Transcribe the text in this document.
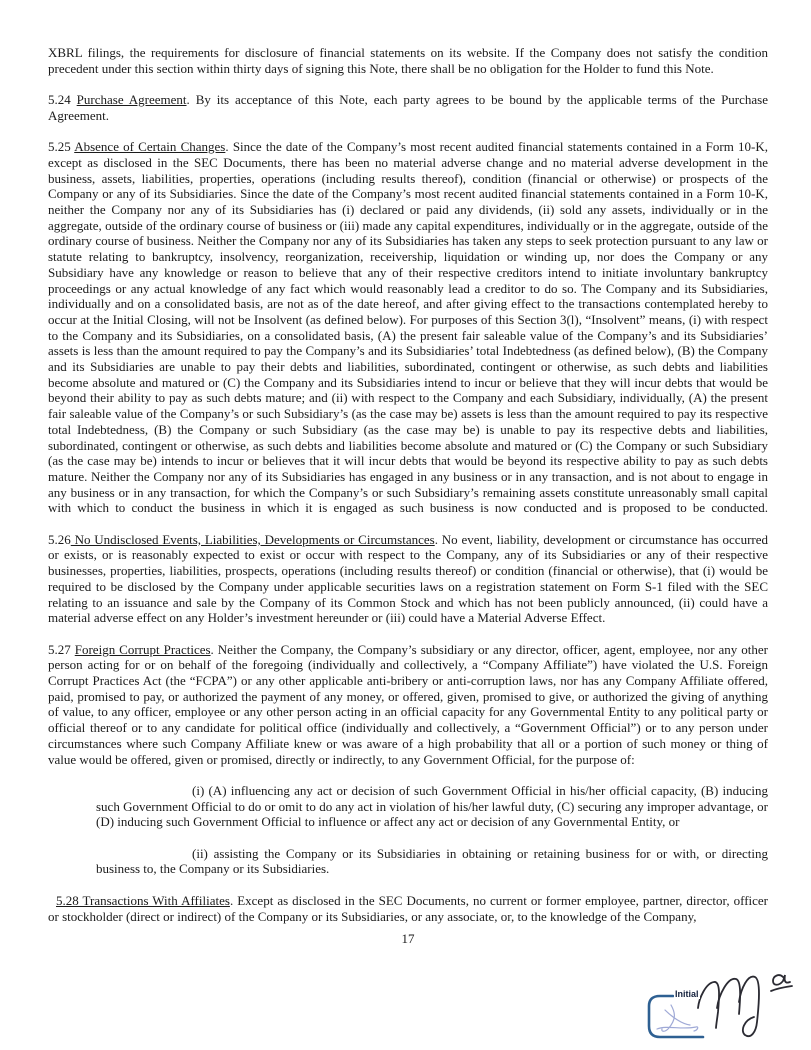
XBRL filings, the requirements for disclosure of financial statements on its website. If the Company does not satisfy the condition precedent under this section within thirty days of signing this Note, there shall be no obligation for the Holder to fund this Note.

5.24 Purchase Agreement. By its acceptance of this Note, each party agrees to be bound by the applicable terms of the Purchase Agreement.

5.25 Absence of Certain Changes. Since the date of the Company’s most recent audited financial statements contained in a Form 10-K, except as disclosed in the SEC Documents, there has been no material adverse change and no material adverse development in the business, assets, liabilities, properties, operations (including results thereof), condition (financial or otherwise) or prospects of the Company or any of its Subsidiaries. Since the date of the Company’s most recent audited financial statements contained in a Form 10-K, neither the Company nor any of its Subsidiaries has (i) declared or paid any dividends, (ii) sold any assets, individually or in the aggregate, outside of the ordinary course of business or (iii) made any capital expenditures, individually or in the aggregate, outside of the ordinary course of business. Neither the Company nor any of its Subsidiaries has taken any steps to seek protection pursuant to any law or statute relating to bankruptcy, insolvency, reorganization, receivership, liquidation or winding up, nor does the Company or any Subsidiary have any knowledge or reason to believe that any of their respective creditors intend to initiate involuntary bankruptcy proceedings or any actual knowledge of any fact which would reasonably lead a creditor to do so. The Company and its Subsidiaries, individually and on a consolidated basis, are not as of the date hereof, and after giving effect to the transactions contemplated hereby to occur at the Initial Closing, will not be Insolvent (as defined below). For purposes of this Section 3(l), “Insolvent” means, (i) with respect to the Company and its Subsidiaries, on a consolidated basis, (A) the present fair saleable value of the Company’s and its Subsidiaries’ assets is less than the amount required to pay the Company’s and its Subsidiaries’ total Indebtedness (as defined below), (B) the Company and its Subsidiaries are unable to pay their debts and liabilities, subordinated, contingent or otherwise, as such debts and liabilities become absolute and matured or (C) the Company and its Subsidiaries intend to incur or believe that they will incur debts that would be beyond their ability to pay as such debts mature; and (ii) with respect to the Company and each Subsidiary, individually, (A) the present fair saleable value of the Company’s or such Subsidiary’s (as the case may be) assets is less than the amount required to pay its respective total Indebtedness, (B) the Company or such Subsidiary (as the case may be) is unable to pay its respective debts and liabilities, subordinated, contingent or otherwise, as such debts and liabilities become absolute and matured or (C) the Company or such Subsidiary (as the case may be) intends to incur or believes that it will incur debts that would be beyond its respective ability to pay as such debts mature. Neither the Company nor any of its Subsidiaries has engaged in any business or in any transaction, and is not about to engage in any business or in any transaction, for which the Company’s or such Subsidiary’s remaining assets constitute unreasonably small capital with which to conduct the business in which it is engaged as such business is now conducted and is proposed to be conducted.

5.26 No Undisclosed Events, Liabilities, Developments or Circumstances. No event, liability, development or circumstance has occurred or exists, or is reasonably expected to exist or occur with respect to the Company, any of its Subsidiaries or any of their respective businesses, properties, liabilities, prospects, operations (including results thereof) or condition (financial or otherwise), that (i) would be required to be disclosed by the Company under applicable securities laws on a registration statement on Form S-1 filed with the SEC relating to an issuance and sale by the Company of its Common Stock and which has not been publicly announced, (ii) could have a material adverse effect on any Holder’s investment hereunder or (iii) could have a Material Adverse Effect.

5.27 Foreign Corrupt Practices. Neither the Company, the Company’s subsidiary or any director, officer, agent, employee, nor any other person acting for or on behalf of the foregoing (individually and collectively, a “Company Affiliate”) have violated the U.S. Foreign Corrupt Practices Act (the “FCPA”) or any other applicable anti-bribery or anti-corruption laws, nor has any Company Affiliate offered, paid, promised to pay, or authorized the payment of any money, or offered, given, promised to give, or authorized the giving of anything of value, to any officer, employee or any other person acting in an official capacity for any Governmental Entity to any political party or official thereof or to any candidate for political office (individually and collectively, a “Government Official”) or to any person under circumstances where such Company Affiliate knew or was aware of a high probability that all or a portion of such money or thing of value would be offered, given or promised, directly or indirectly, to any Government Official, for the purpose of:

(i) (A) influencing any act or decision of such Government Official in his/her official capacity, (B) inducing such Government Official to do or omit to do any act in violation of his/her lawful duty, (C) securing any improper advantage, or (D) inducing such Government Official to influence or affect any act or decision of any Governmental Entity, or

(ii) assisting the Company or its Subsidiaries in obtaining or retaining business for or with, or directing business to, the Company or its Subsidiaries.

5.28 Transactions With Affiliates. Except as disclosed in the SEC Documents, no current or former employee, partner, director, officer or stockholder (direct or indirect) of the Company or its Subsidiaries, or any associate, or, to the knowledge of the Company,

17
Initial
